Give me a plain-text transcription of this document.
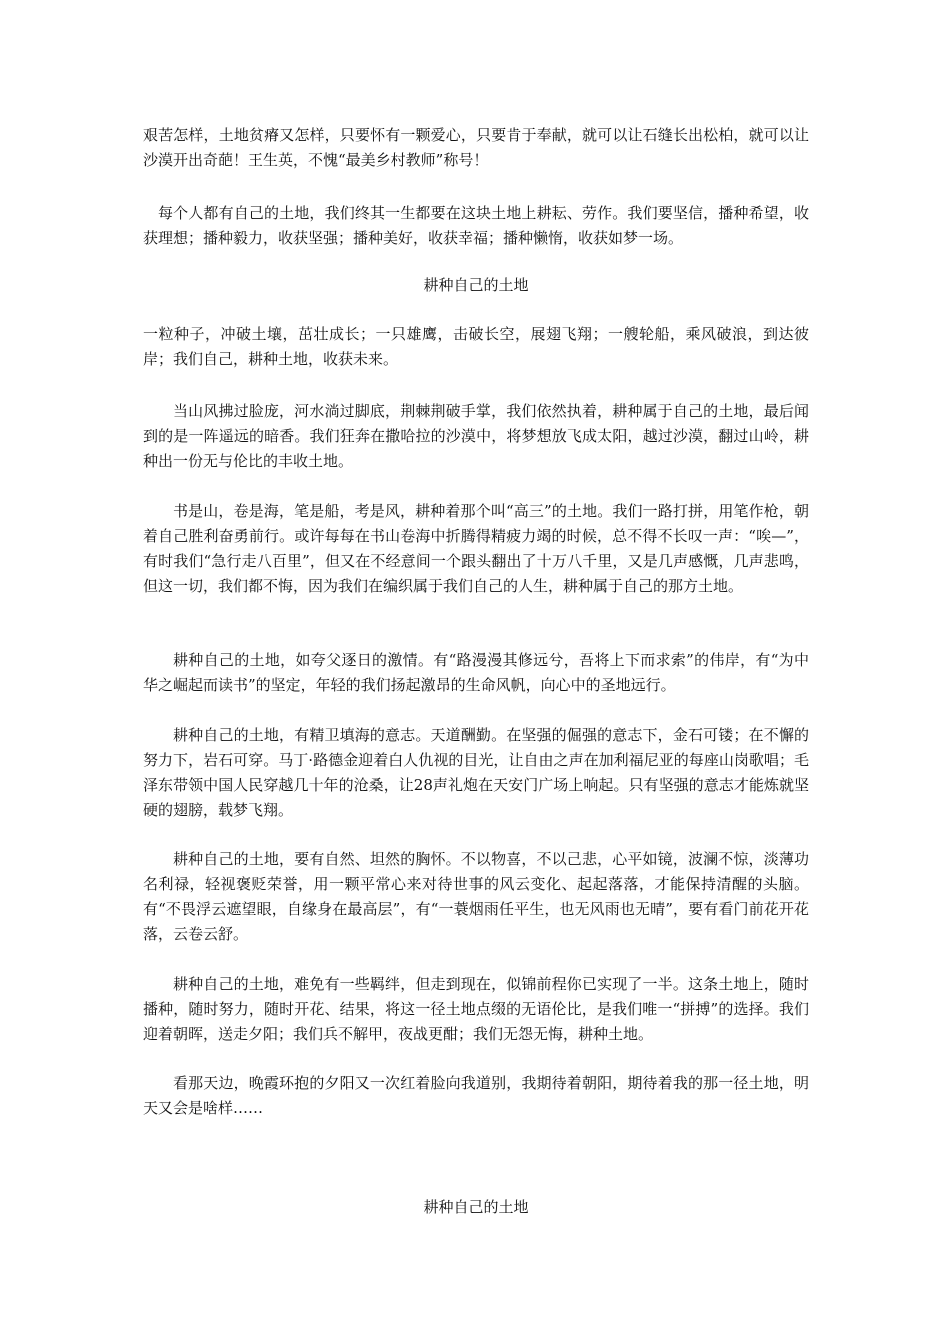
艰苦怎样，土地贫瘠又怎样，只要怀有一颗爱心，只要肯于奉献，就可以让石缝长出松柏，就可以让沙漠开出奇葩！王生英，不愧“最美乡村教师”称号！

每个人都有自己的土地，我们终其一生都要在这块土地上耕耘、劳作。我们要坚信，播种希望，收获理想；播种毅力，收获坚强；播种美好，收获幸福；播种懒惰，收获如梦一场。

耕种自己的土地

一粒种子，冲破土壤，茁壮成长；一只雄鹰，击破长空，展翅飞翔；一艘轮船，乘风破浪，到达彼岸；我们自己，耕种土地，收获未来。

当山风拂过脸庞，河水淌过脚底，荆棘荆破手掌，我们依然执着，耕种属于自己的土地，最后闻到的是一阵遥远的暗香。我们狂奔在撒哈拉的沙漠中，将梦想放飞成太阳，越过沙漠，翻过山岭，耕种出一份无与伦比的丰收土地。

书是山，卷是海，笔是船，考是风，耕种着那个叫“高三”的土地。我们一路打拼，用笔作枪，朝着自己胜利奋勇前行。或许每每在书山卷海中折腾得精疲力竭的时候，总不得不长叹一声：“唉—”，有时我们“急行走八百里”，但又在不经意间一个跟头翻出了十万八千里，又是几声感慨，几声悲鸣，但这一切，我们都不悔，因为我们在编织属于我们自己的人生，耕种属于自己的那方土地。

耕种自己的土地，如夸父逐日的激情。有“路漫漫其修远兮，吾将上下而求索”的伟岸，有“为中华之崛起而读书”的坚定，年轻的我们扬起激昂的生命风帆，向心中的圣地远行。

耕种自己的土地，有精卫填海的意志。天道酬勤。在坚强的倔强的意志下，金石可镂；在不懈的努力下，岩石可穿。马丁·路德金迎着白人仇视的目光，让自由之声在加利福尼亚的每座山岗歌唱；毛泽东带领中国人民穿越几十年的沧桑，让28声礼炮在天安门广场上响起。只有坚强的意志才能炼就坚硬的翅膀，载梦飞翔。

耕种自己的土地，要有自然、坦然的胸怀。不以物喜，不以己悲，心平如镜，波澜不惊，淡薄功名利禄，轻视褒贬荣誉，用一颗平常心来对待世事的风云变化、起起落落，才能保持清醒的头脑。有“不畏浮云遮望眼，自缘身在最高层”，有“一蓑烟雨任平生，也无风雨也无晴”，要有看门前花开花落，云卷云舒。

耕种自己的土地，难免有一些羁绊，但走到现在，似锦前程你已实现了一半。这条土地上，随时播种，随时努力，随时开花、结果，将这一径土地点缀的无语伦比，是我们唯一“拼搏”的选择。我们迎着朝晖，送走夕阳；我们兵不解甲，夜战更酣；我们无怨无悔，耕种土地。

看那天边，晚霞环抱的夕阳又一次红着脸向我道别，我期待着朝阳，期待着我的那一径土地，明天又会是啥样……

耕种自己的土地
